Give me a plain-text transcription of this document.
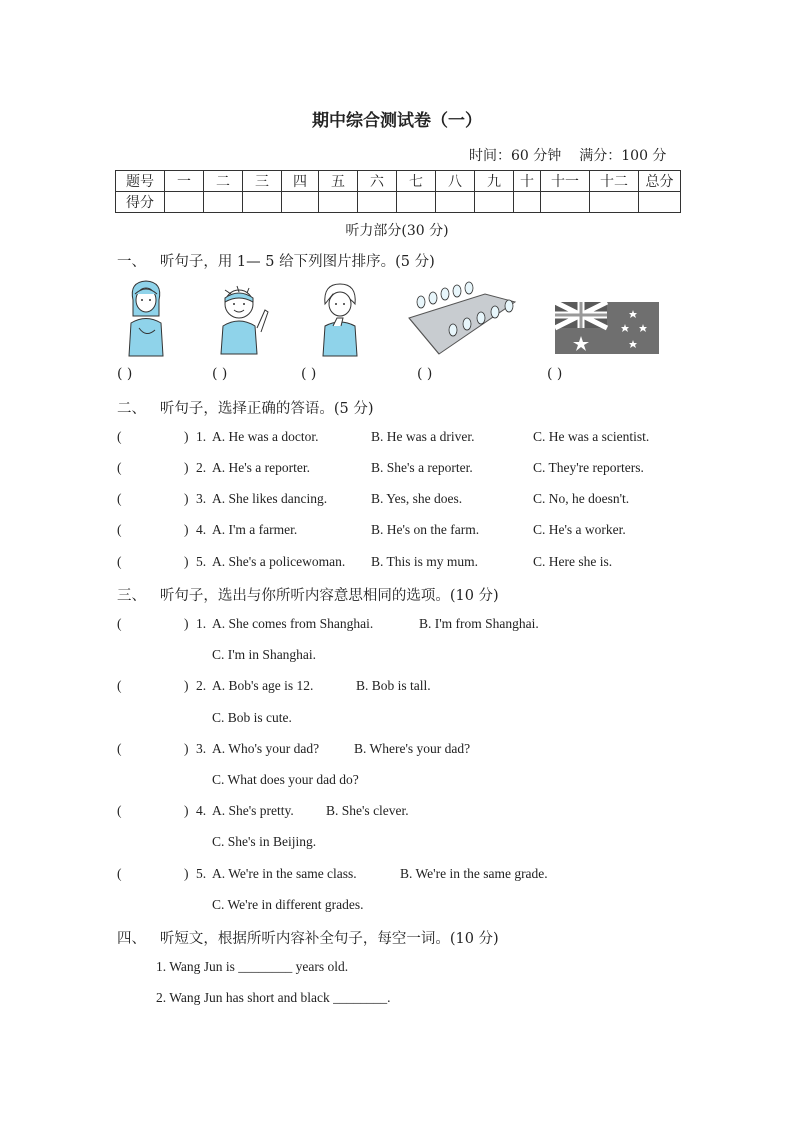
期中综合测试卷（一）
时间：60 分钟 满分：100 分
题号	一	二	三	四	五	六	七	八	九	十	十一	十二	总分
得分													
听力部分(30 分)
一、 听句子，用 1— 5 给下列图片排序。(5 分)
( )	( )	( )	( )	( )
二、 听句子，选择正确的答语。(5 分)
(	) 1. A. He was a doctor.	B. He was a driver.	C. He was a scientist.
(	) 2. A. He's a reporter.	B. She's a reporter.	C. They're reporters.
(	) 3. A. She likes dancing.	B. Yes, she does.	C. No, he doesn't.
(	) 4. A. I'm a farmer.	B. He's on the farm.	C. He's a worker.
(	) 5. A. She's a policewoman. B. This is my mum.	C. Here she is.
三、 听句子，选出与你所听内容意思相同的选项。(10 分)
(	) 1. A. She comes from Shanghai.	B. I'm from Shanghai.
C. I'm in Shanghai.
(	) 2. A. Bob's age is 12.	B. Bob is tall.
C. Bob is cute.
(	) 3. A. Who's your dad?	B. Where's your dad?
C. What does your dad do?
(	) 4. A. She's pretty. B. She's clever.
C. She's in Beijing.
(	) 5. A. We're in the same class.	B. We're in the same grade.
C. We're in different grades.
四、 听短文，根据所听内容补全句子，每空一词。(10 分)
1. Wang Jun is ________ years old.
2. Wang Jun has short and black ________.
